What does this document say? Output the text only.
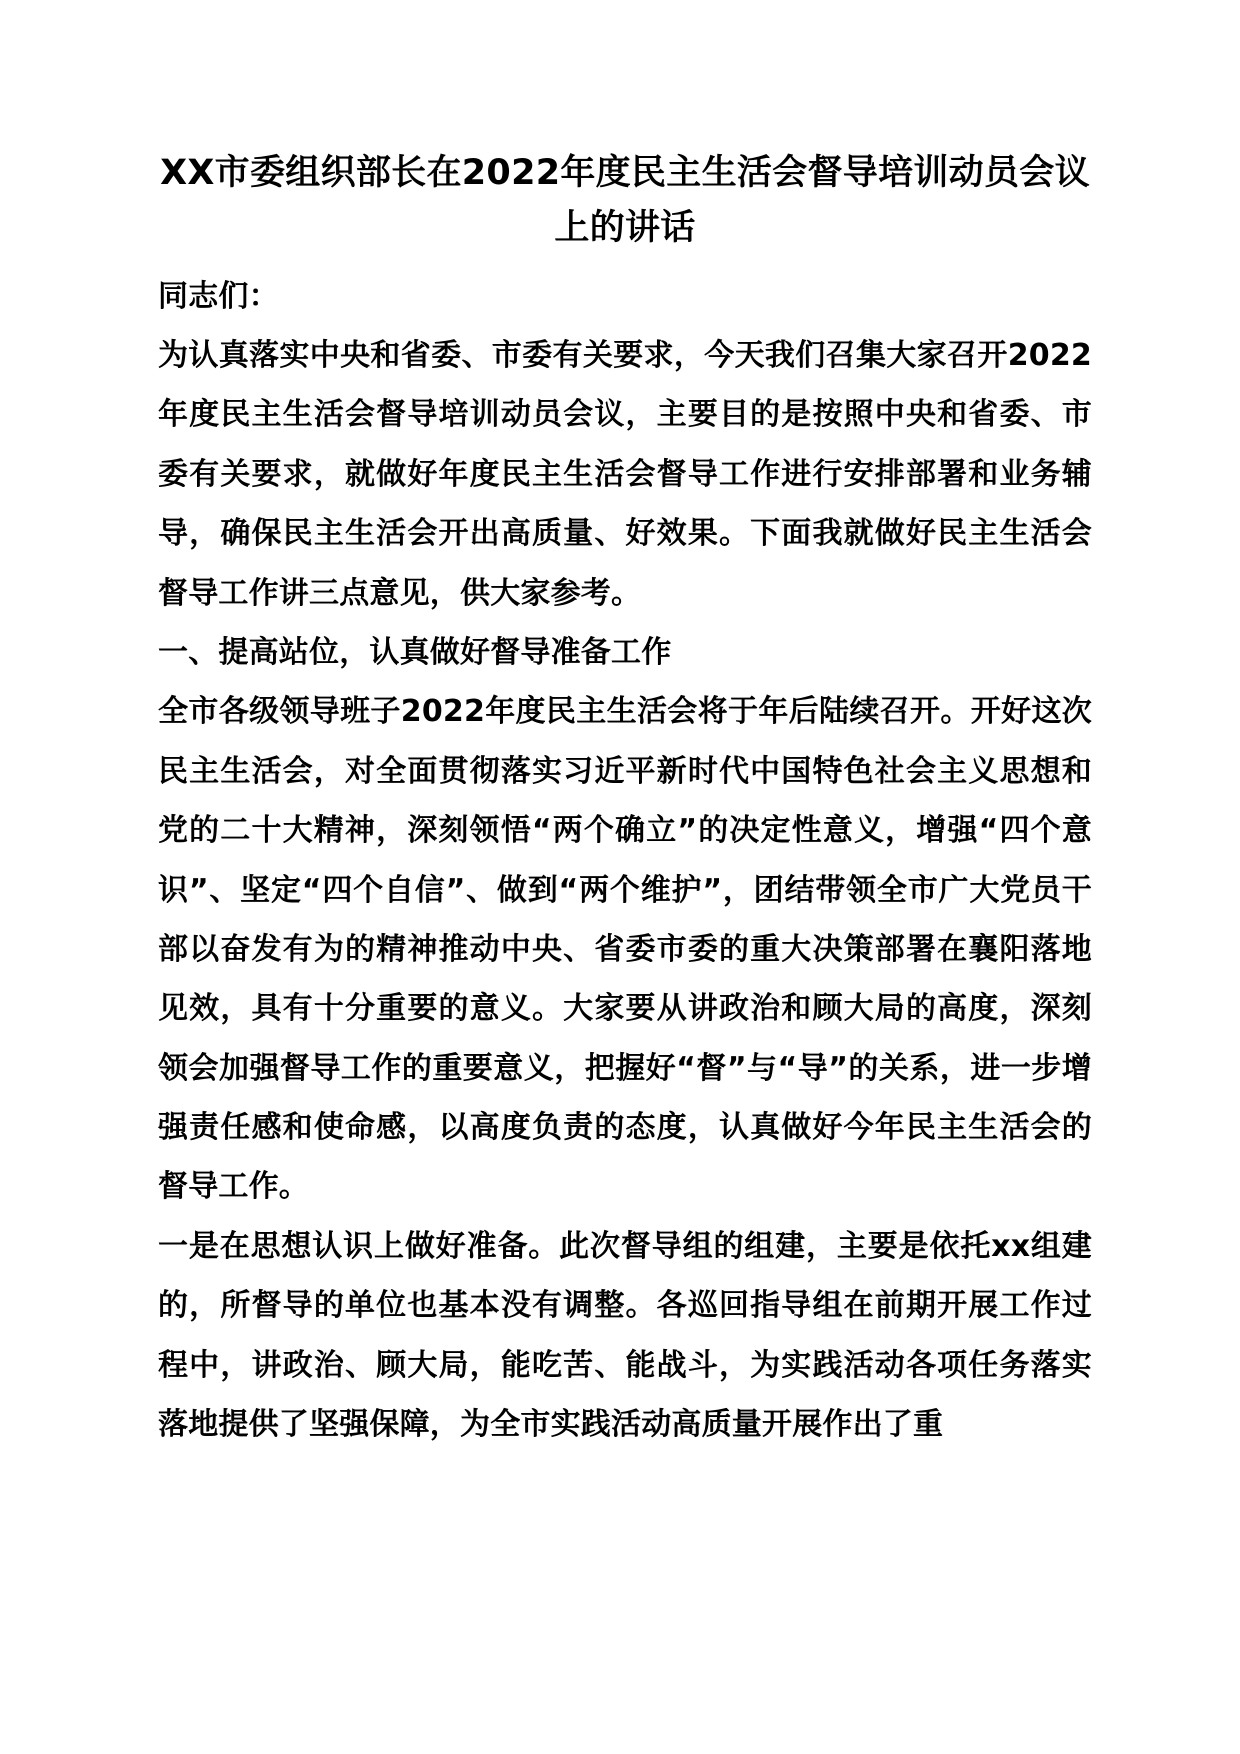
XX市委组织部长在2022年度民主生活会督导培训动员会议上的讲话

同志们：

为认真落实中央和省委、市委有关要求，今天我们召集大家召开2022年度民主生活会督导培训动员会议，主要目的是按照中央和省委、市委有关要求，就做好年度民主生活会督导工作进行安排部署和业务辅导，确保民主生活会开出高质量、好效果。下面我就做好民主生活会督导工作讲三点意见，供大家参考。

一、提高站位，认真做好督导准备工作

全市各级领导班子2022年度民主生活会将于年后陆续召开。开好这次民主生活会，对全面贯彻落实习近平新时代中国特色社会主义思想和党的二十大精神，深刻领悟“两个确立”的决定性意义，增强“四个意识”、坚定“四个自信”、做到“两个维护”，团结带领全市广大党员干部以奋发有为的精神推动中央、省委市委的重大决策部署在襄阳落地见效，具有十分重要的意义。大家要从讲政治和顾大局的高度，深刻领会加强督导工作的重要意义，把握好“督”与“导”的关系，进一步增强责任感和使命感，以高度负责的态度，认真做好今年民主生活会的督导工作。

一是在思想认识上做好准备。此次督导组的组建，主要是依托xx组建的，所督导的单位也基本没有调整。各巡回指导组在前期开展工作过程中，讲政治、顾大局，能吃苦、能战斗，为实践活动各项任务落实落地提供了坚强保障，为全市实践活动高质量开展作出了重
